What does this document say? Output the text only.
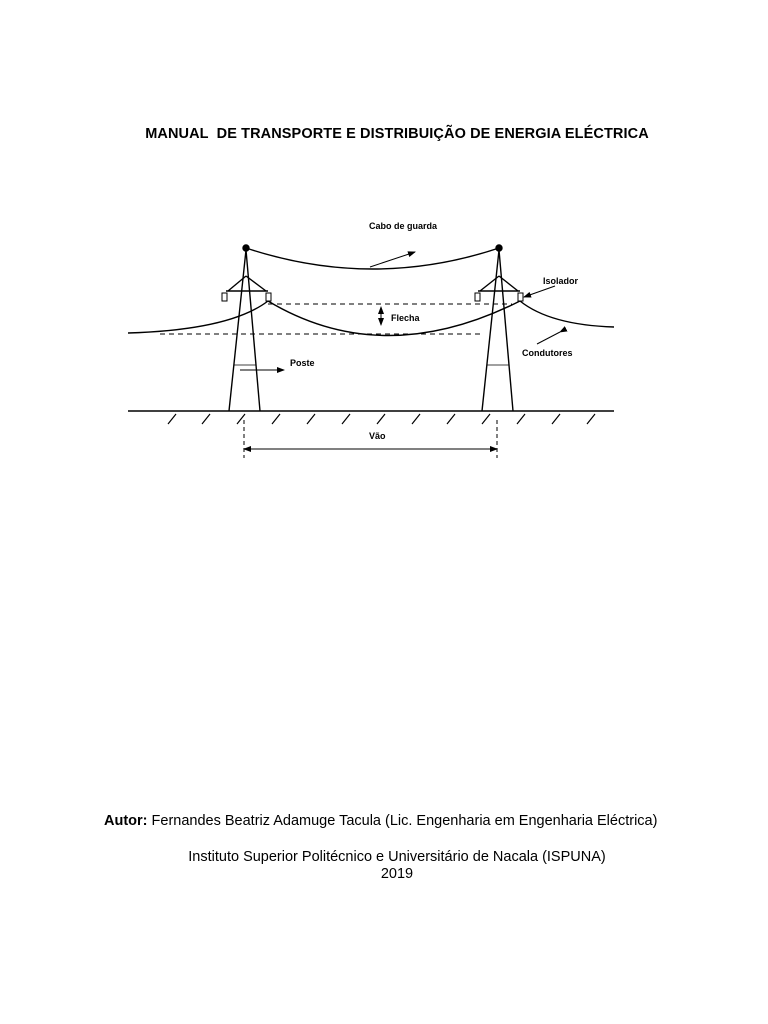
MANUAL  DE TRANSPORTE E DISTRIBUIÇÃO DE ENERGIA ELÉCTRICA
Cabo de guarda
Isolador
Flecha
Condutores
Poste
Vão
Autor: Fernandes Beatriz Adamuge Tacula (Lic. Engenharia em Engenharia Eléctrica)
Instituto Superior Politécnico e Universitário de Nacala (ISPUNA)
2019
